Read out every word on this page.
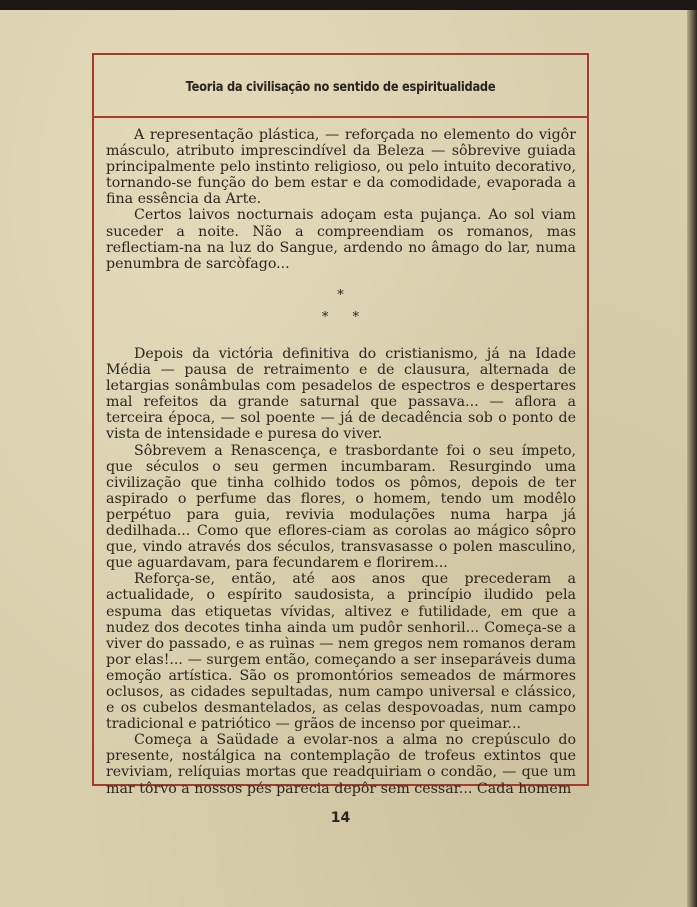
Teoria da civilisação no sentido de espiritualidade

A representação plástica, — reforçada no elemento do vigôr másculo, atributo imprescindível da Beleza — sôbrevive guiada principalmente pelo instinto religioso, ou pelo intuito decorativo, tornando-se função do bem estar e da comodidade, evaporada a fina essência da Arte.

Certos laivos nocturnais adoçam esta pujança. Ao sol viam suceder a noite. Não a compreendiam os romanos, mas reflectiam-na na luz do Sangue, ardendo no âmago do lar, numa penumbra de sarcòfago...

*
* *

Depois da victória definitiva do cristianismo, já na Idade Média — pausa de retraimento e de clausura, alternada de letargias sonâmbulas com pesadelos de espectros e despertares mal refeitos da grande saturnal que passava... — aflora a terceira época, — sol poente — já de decadência sob o ponto de vista de intensidade e puresa do viver.

Sôbrevem a Renascença, e trasbordante foi o seu ímpeto, que séculos o seu germen incumbaram. Resurgindo uma civilização que tinha colhido todos os pômos, depois de ter aspirado o perfume das flores, o homem, tendo um modêlo perpétuo para guia, revivia modulações numa harpa já dedilhada... Como que eflores-ciam as corolas ao mágico sôpro que, vindo através dos séculos, transvasasse o polen masculino, que aguardavam, para fecundarem e florirem...

Reforça-se, então, até aos anos que precederam a actualidade, o espírito saudosista, a princípio iludido pela espuma das etiquetas vívidas, altivez e futilidade, em que a nudez dos decotes tinha ainda um pudôr senhoril... Começa-se a viver do passado, e as ruìnas — nem gregos nem romanos deram por elas!... — surgem então, começando a ser inseparáveis duma emoção artística. São os promontórios semeados de mármores oclusos, as cidades sepultadas, num campo universal e clássico, e os cubelos desmantelados, as celas despovoadas, num campo tradicional e patriótico — grãos de incenso por queimar...

Começa a Saüdade a evolar-nos a alma no crepúsculo do presente, nostálgica na contemplação de trofeus extintos que reviviam, relíquias mortas que readquiriam o condão, — que um mar tôrvo a nossos pés parecia depôr sem cessar... Cada homem

14
